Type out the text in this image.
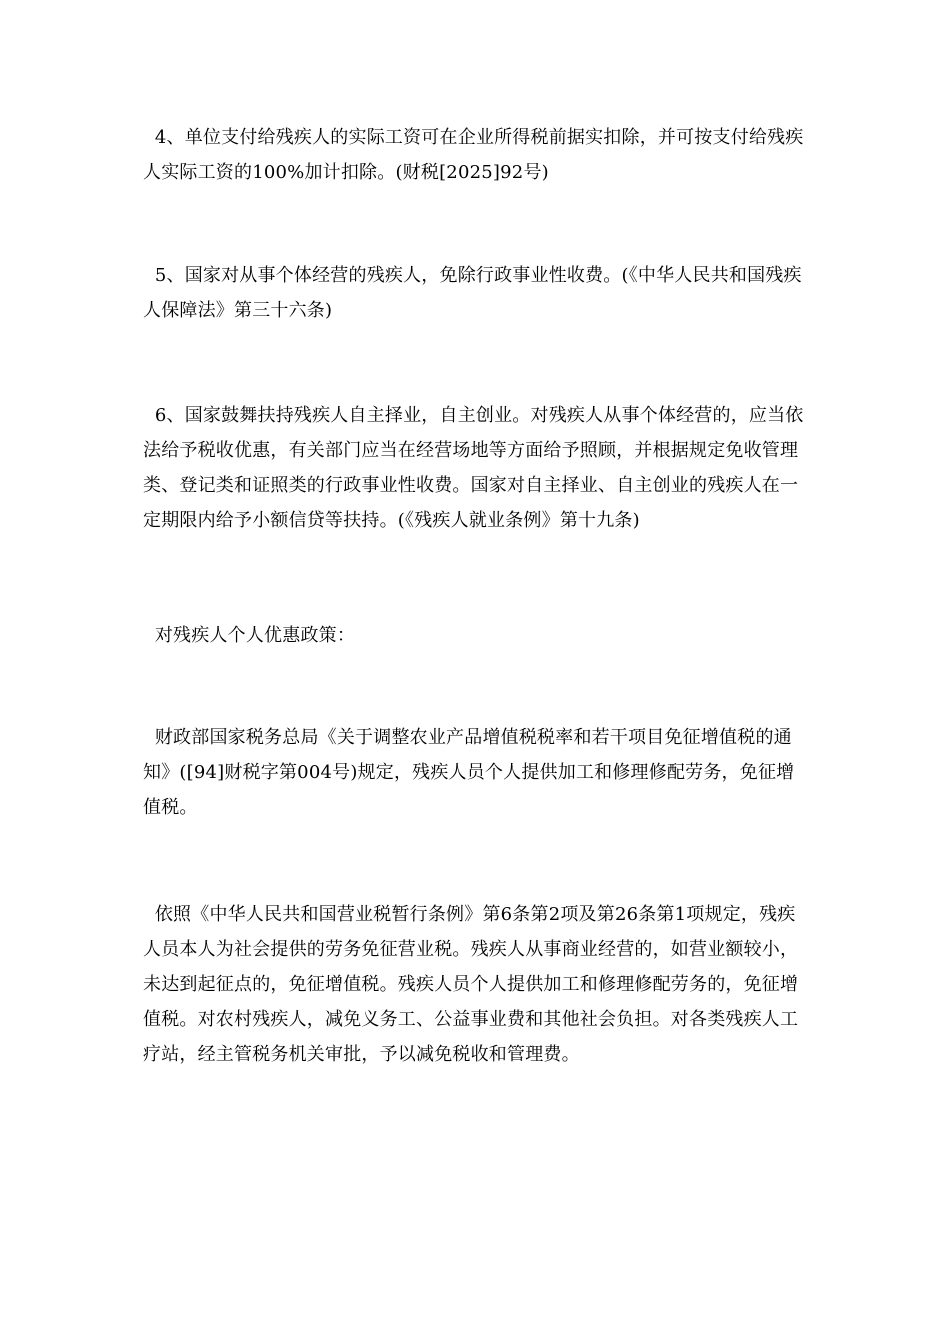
4、单位支付给残疾人的实际工资可在企业所得税前据实扣除，并可按支付给残疾人实际工资的100%加计扣除。(财税[2025]92号)

5、国家对从事个体经营的残疾人，免除行政事业性收费。(《中华人民共和国残疾人保障法》第三十六条)

6、国家鼓舞扶持残疾人自主择业，自主创业。对残疾人从事个体经营的，应当依法给予税收优惠，有关部门应当在经营场地等方面给予照顾，并根据规定免收管理类、登记类和证照类的行政事业性收费。国家对自主择业、自主创业的残疾人在一定期限内给予小额信贷等扶持。(《残疾人就业条例》第十九条)

对残疾人个人优惠政策：

财政部国家税务总局《关于调整农业产品增值税税率和若干项目免征增值税的通知》([94]财税字第004号)规定，残疾人员个人提供加工和修理修配劳务，免征增值税。

依照《中华人民共和国营业税暂行条例》第6条第2项及第26条第1项规定，残疾人员本人为社会提供的劳务免征营业税。残疾人从事商业经营的，如营业额较小，未达到起征点的，免征增值税。残疾人员个人提供加工和修理修配劳务的，免征增值税。对农村残疾人，减免义务工、公益事业费和其他社会负担。对各类残疾人工疗站，经主管税务机关审批，予以减免税收和管理费。
